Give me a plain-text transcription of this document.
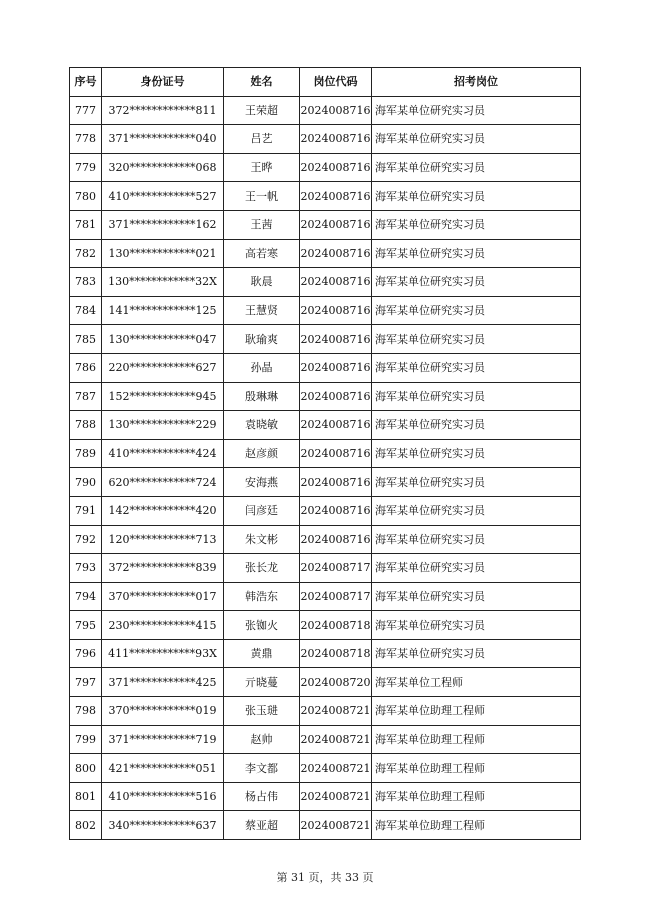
序号	身份证号	姓名	岗位代码	招考岗位
777	372************811	王荣超	2024008716	海军某单位研究实习员
778	371************040	吕艺	2024008716	海军某单位研究实习员
779	320************068	王晔	2024008716	海军某单位研究实习员
780	410************527	王一帆	2024008716	海军某单位研究实习员
781	371************162	王茜	2024008716	海军某单位研究实习员
782	130************021	高若寒	2024008716	海军某单位研究实习员
783	130************32X	耿晨	2024008716	海军某单位研究实习员
784	141************125	王慧贤	2024008716	海军某单位研究实习员
785	130************047	耿瑜爽	2024008716	海军某单位研究实习员
786	220************627	孙晶	2024008716	海军某单位研究实习员
787	152************945	殷琳琳	2024008716	海军某单位研究实习员
788	130************229	袁晓敏	2024008716	海军某单位研究实习员
789	410************424	赵彦颜	2024008716	海军某单位研究实习员
790	620************724	安海燕	2024008716	海军某单位研究实习员
791	142************420	闫彦廷	2024008716	海军某单位研究实习员
792	120************713	朱文彬	2024008716	海军某单位研究实习员
793	372************839	张长龙	2024008717	海军某单位研究实习员
794	370************017	韩浩东	2024008717	海军某单位研究实习员
795	230************415	张铷火	2024008718	海军某单位研究实习员
796	411************93X	黄鼎	2024008718	海军某单位研究实习员
797	371************425	亓晓蔓	2024008720	海军某单位工程师
798	370************019	张玉琎	2024008721	海军某单位助理工程师
799	371************719	赵帅	2024008721	海军某单位助理工程师
800	421************051	李文都	2024008721	海军某单位助理工程师
801	410************516	杨占伟	2024008721	海军某单位助理工程师
802	340************637	蔡亚超	2024008721	海军某单位助理工程师
第 31 页，共 33 页
